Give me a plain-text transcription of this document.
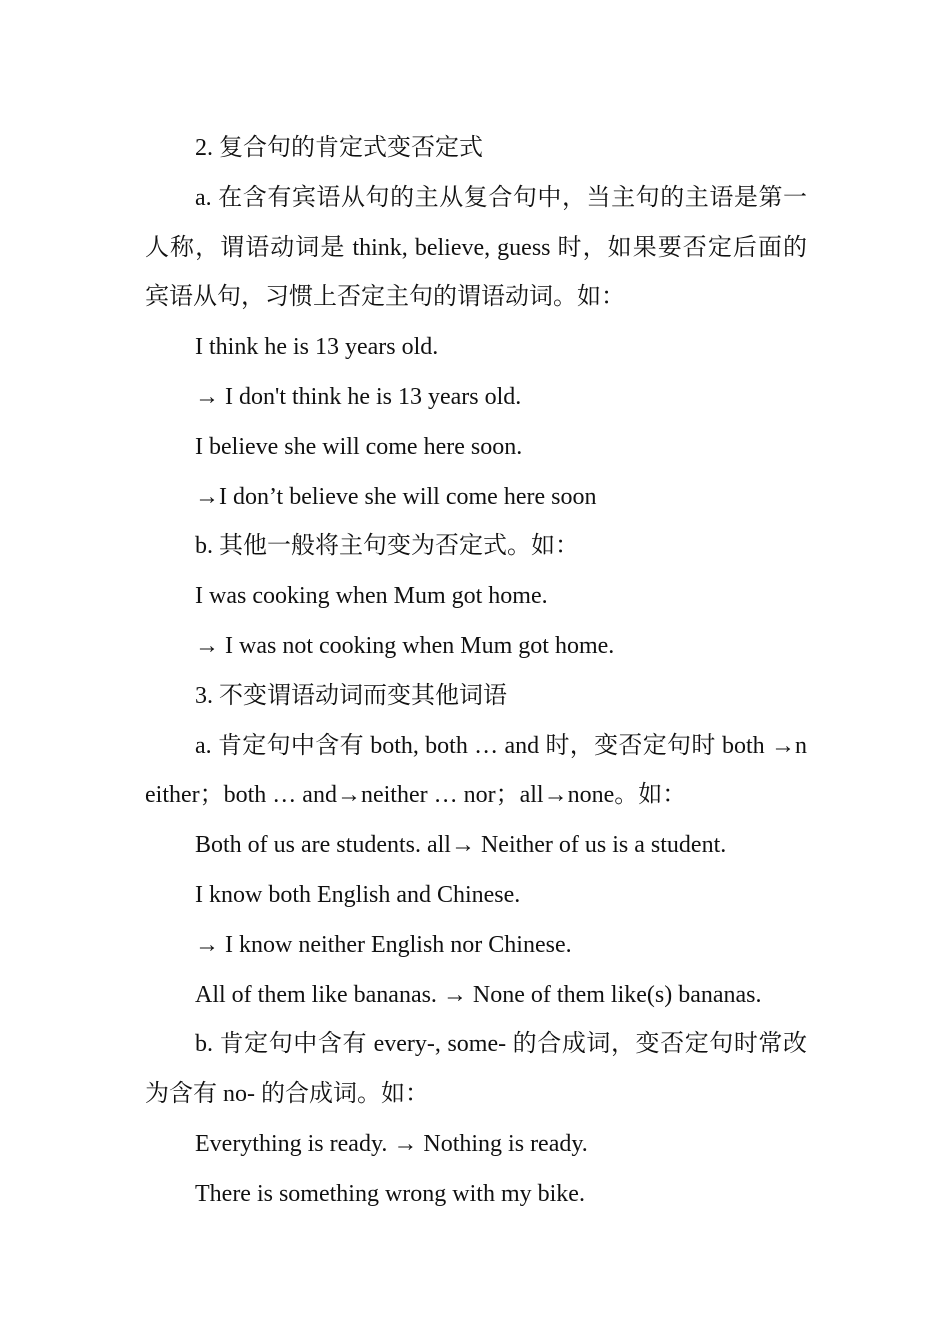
2. 复合句的肯定式变否定式

a. 在含有宾语从句的主从复合句中，当主句的主语是第一人称，谓语动词是 think, believe, guess 时，如果要否定后面的宾语从句，习惯上否定主句的谓语动词。如：

I think he is 13 years old.

→ I don't think he is 13 years old.

I believe she will come here soon.

→I don’t believe she will come here soon

b. 其他一般将主句变为否定式。如：

I was cooking when Mum got home.

→ I was not cooking when Mum got home.

3. 不变谓语动词而变其他词语

a. 肯定句中含有 both, both … and 时，变否定句时 both →neither；both … and→neither … nor；all→none。如：

Both of us are students. all→ Neither of us is a student.

I know both English and Chinese.

→ I know neither English nor Chinese.

All of them like bananas. → None of them like(s) bananas.

b. 肯定句中含有 every-, some- 的合成词，变否定句时常改为含有 no- 的合成词。如：

Everything is ready. → Nothing is ready.

There is something wrong with my bike.
